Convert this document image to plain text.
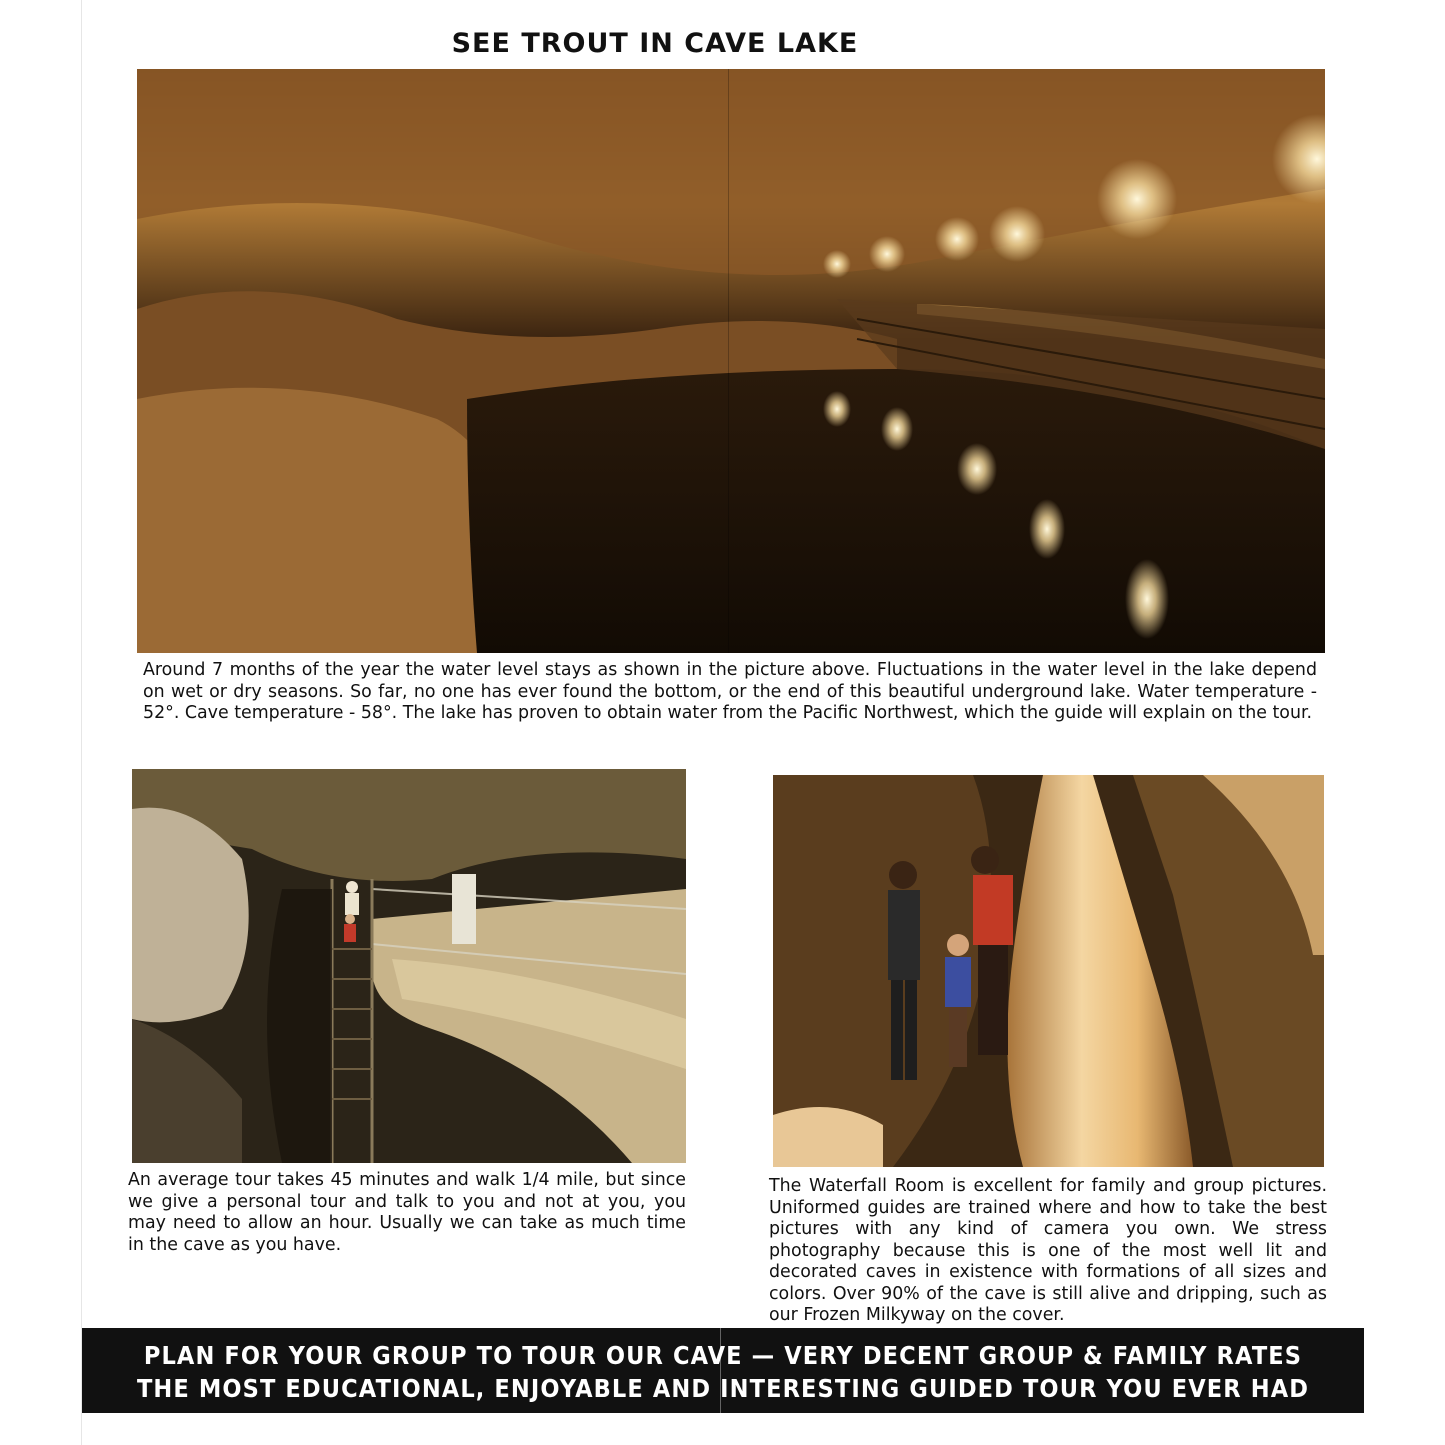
SEE TROUT IN CAVE LAKE
Around 7 months of the year the water level stays as shown in the picture above. Fluctuations in the water level in the lake depend on wet or dry seasons. So far, no one has ever found the bottom, or the end of this beautiful underground lake. Water temperature - 52°. Cave temperature - 58°. The lake has proven to obtain water from the Pacific Northwest, which the guide will explain on the tour.
An average tour takes 45 minutes and walk 1/4 mile, but since we give a personal tour and talk to you and not at you, you may need to allow an hour. Usually we can take as much time in the cave as you have.
The Waterfall Room is excellent for family and group pictures. Uniformed guides are trained where and how to take the best pictures with any kind of camera you own. We stress photography because this is one of the most well lit and decorated caves in existence with formations of all sizes and colors. Over 90% of the cave is still alive and dripping, such as our Frozen Milkyway on the cover.
PLAN FOR YOUR GROUP TO TOUR OUR CAVE — VERY DECENT GROUP & FAMILY RATES
THE MOST EDUCATIONAL, ENJOYABLE AND INTERESTING GUIDED TOUR YOU EVER HAD
